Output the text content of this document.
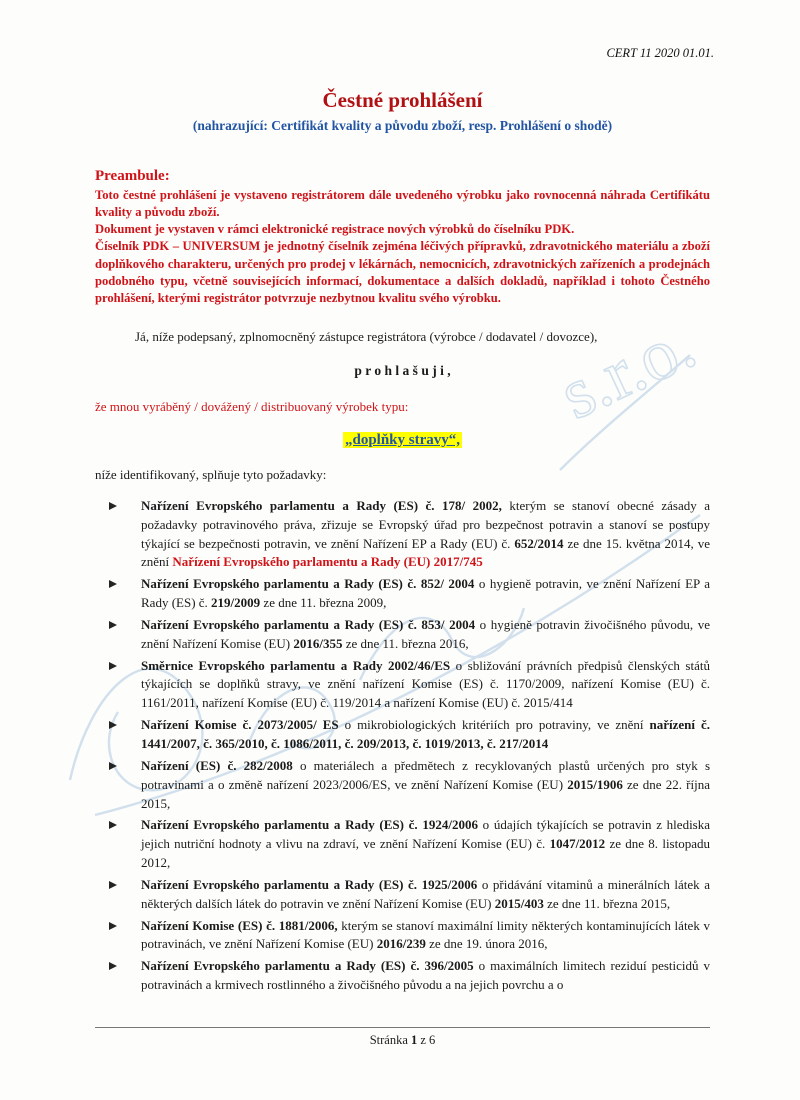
s.r.o.
CERT 11 2020 01.01.
Čestné prohlášení
(nahrazující: Certifikát kvality a původu zboží, resp. Prohlášení o shodě)
Preambule:

Toto čestné prohlášení je vystaveno registrátorem dále uvedeného výrobku jako rovnocenná náhrada Certifikátu kvality a původu zboží.

Dokument je vystaven v rámci elektronické registrace nových výrobků do číselníku PDK.

Číselník PDK – UNIVERSUM je jednotný číselník zejména léčivých přípravků, zdravotnického materiálu a zboží doplňkového charakteru, určených pro prodej v lékárnách, nemocnicích, zdravotnických zařízeních a prodejnách podobného typu, včetně souvisejících informací, dokumentace a dalších dokladů, například i tohoto Čestného prohlášení, kterými registrátor potvrzuje nezbytnou kvalitu svého výrobku.

Já, níže podepsaný, zplnomocněný zástupce registrátora (výrobce / dodavatel / dovozce),

p r o h l a š u j i ,

že mnou vyráběný / dovážený / distribuovaný výrobek typu:

„doplňky stravy“,

níže identifikovaný, splňuje tyto požadavky:

Nařízení Evropského parlamentu a Rady (ES) č. 178/ 2002, kterým se stanoví obecné zásady a požadavky potravinového práva, zřizuje se Evropský úřad pro bezpečnost potravin a stanoví se postupy týkající se bezpečnosti potravin, ve znění Nařízení EP a Rady (EU) č. 652/2014 ze dne 15. května 2014, ve znění Nařízení Evropského parlamentu a Rady (EU) 2017/745
Nařízení Evropského parlamentu a Rady (ES) č. 852/ 2004 o hygieně potravin, ve znění Nařízení EP a Rady (ES) č. 219/2009 ze dne 11. března 2009,
Nařízení Evropského parlamentu a Rady (ES) č. 853/ 2004 o hygieně potravin živočišného původu, ve znění Nařízení Komise (EU) 2016/355 ze dne 11. března 2016,
Směrnice Evropského parlamentu a Rady 2002/46/ES o sbližování právních předpisů členských států týkajících se doplňků stravy, ve znění nařízení Komise (ES) č. 1170/2009, nařízení Komise (EU) č. 1161/2011, nařízení Komise (EU) č. 119/2014 a nařízení Komise (EU) č. 2015/414
Nařízení Komise č. 2073/2005/ ES o mikrobiologických kritériích pro potraviny, ve znění nařízení č. 1441/2007, č. 365/2010, č. 1086/2011, č. 209/2013, č. 1019/2013, č. 217/2014
Nařízení (ES) č. 282/2008 o materiálech a předmětech z recyklovaných plastů určených pro styk s potravinami a o změně nařízení 2023/2006/ES, ve znění Nařízení Komise (EU) 2015/1906 ze dne 22. října 2015,
Nařízení Evropského parlamentu a Rady (ES) č. 1924/2006 o údajích týkajících se potravin z hlediska jejich nutriční hodnoty a vlivu na zdraví, ve znění Nařízení Komise (EU) č. 1047/2012 ze dne 8. listopadu 2012,
Nařízení Evropského parlamentu a Rady (ES) č. 1925/2006 o přidávání vitaminů a minerálních látek a některých dalších látek do potravin ve znění Nařízení Komise (EU) 2015/403 ze dne 11. března 2015,
Nařízení Komise (ES) č. 1881/2006, kterým se stanoví maximální limity některých kontaminujících látek v potravinách, ve znění Nařízení Komise (EU) 2016/239 ze dne 19. února 2016,
Nařízení Evropského parlamentu a Rady (ES) č. 396/2005 o maximálních limitech reziduí pesticidů v potravinách a krmivech rostlinného a živočišného původu a na jejich povrchu a o
Stránka 1 z 6
